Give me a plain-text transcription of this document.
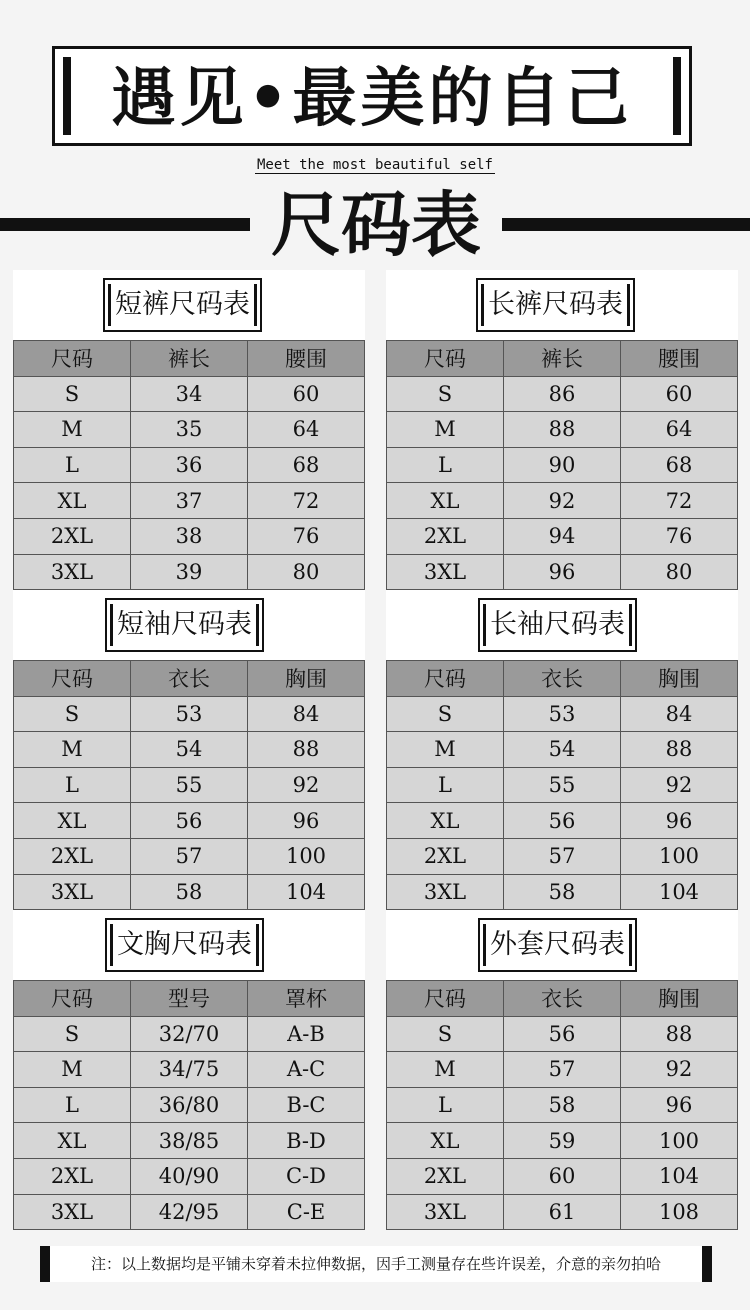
遇见•最美的自己
Meet the most beautiful self
尺码表
短裤尺码表
尺码	裤长	腰围
S	34	60
M	35	64
L	36	68
XL	37	72
2XL	38	76
3XL	39	80
长裤尺码表
尺码	裤长	腰围
S	86	60
M	88	64
L	90	68
XL	92	72
2XL	94	76
3XL	96	80
短袖尺码表
尺码	衣长	胸围
S	53	84
M	54	88
L	55	92
XL	56	96
2XL	57	100
3XL	58	104
长袖尺码表
尺码	衣长	胸围
S	53	84
M	54	88
L	55	92
XL	56	96
2XL	57	100
3XL	58	104
文胸尺码表
尺码	型号	罩杯
S	32/70	A-B
M	34/75	A-C
L	36/80	B-C
XL	38/85	B-D
2XL	40/90	C-D
3XL	42/95	C-E
外套尺码表
尺码	衣长	胸围
S	56	88
M	57	92
L	58	96
XL	59	100
2XL	60	104
3XL	61	108
注：以上数据均是平铺未穿着未拉伸数据，因手工测量存在些许误差，介意的亲勿拍哈
